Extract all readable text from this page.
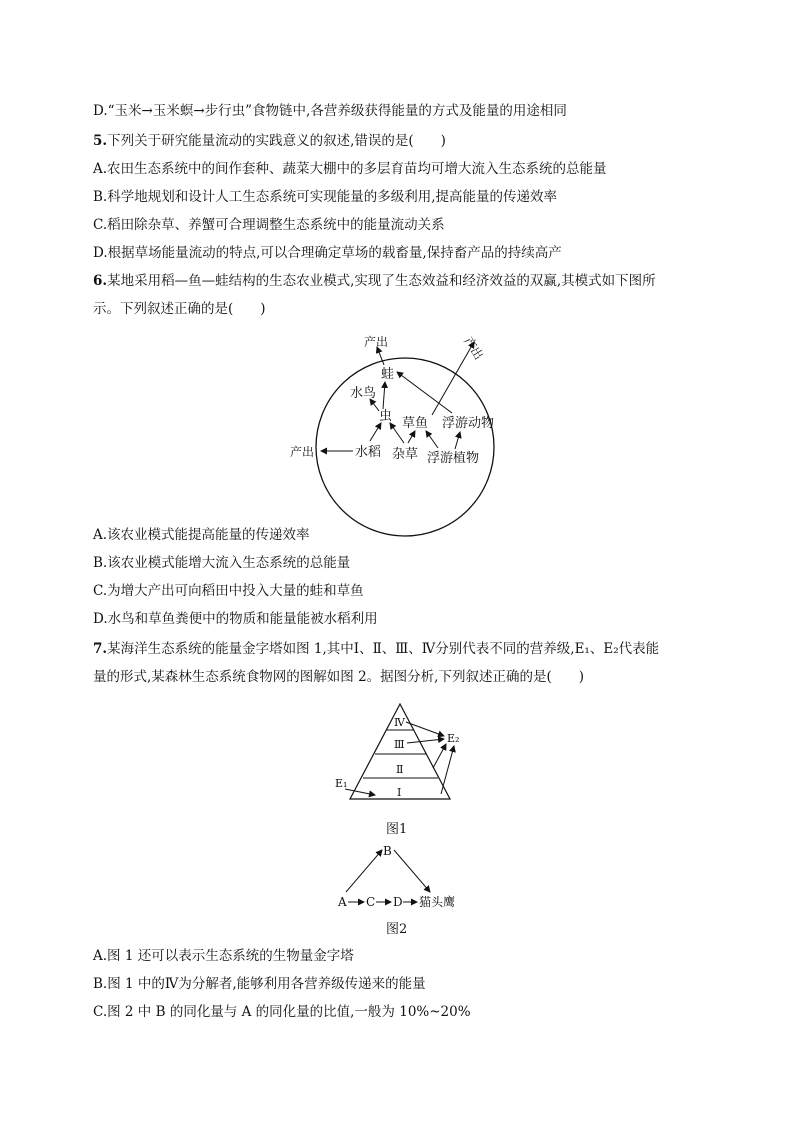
D.“玉米→玉米螟→步行虫”食物链中,各营养级获得能量的方式及能量的用途相同
5.下列关于研究能量流动的实践意义的叙述,错误的是(　　)
A.农田生态系统中的间作套种、蔬菜大棚中的多层育苗均可增大流入生态系统的总能量
B.科学地规划和设计人工生态系统可实现能量的多级利用,提高能量的传递效率
C.稻田除杂草、养蟹可合理调整生态系统中的能量流动关系
D.根据草场能量流动的特点,可以合理确定草场的载畜量,保持畜产品的持续高产
6.某地采用稻—鱼—蛙结构的生态农业模式,实现了生态效益和经济效益的双赢,其模式如下图所
示。下列叙述正确的是(　　)
产出	产出
产出
蛙
水鸟
虫 草鱼 浮游动物
水稻 杂草 浮游植物
A.该农业模式能提高能量的传递效率
B.该农业模式能增大流入生态系统的总能量
C.为增大产出可向稻田中投入大量的蛙和草鱼
D.水鸟和草鱼粪便中的物质和能量能被水稻利用
7.某海洋生态系统的能量金字塔如图 1,其中Ⅰ、Ⅱ、Ⅲ、Ⅳ分别代表不同的营养级,E₁、E₂代表能
量的形式,某森林生态系统食物网的图解如图 2。据图分析,下列叙述正确的是(　　)
Ⅳ
Ⅲ
Ⅱ
Ⅰ
E₁
E₂
图1
B
A C D 猫头鹰
图2
A.图 1 还可以表示生态系统的生物量金字塔
B.图 1 中的Ⅳ为分解者,能够利用各营养级传递来的能量
C.图 2 中 B 的同化量与 A 的同化量的比值,一般为 10%~20%
